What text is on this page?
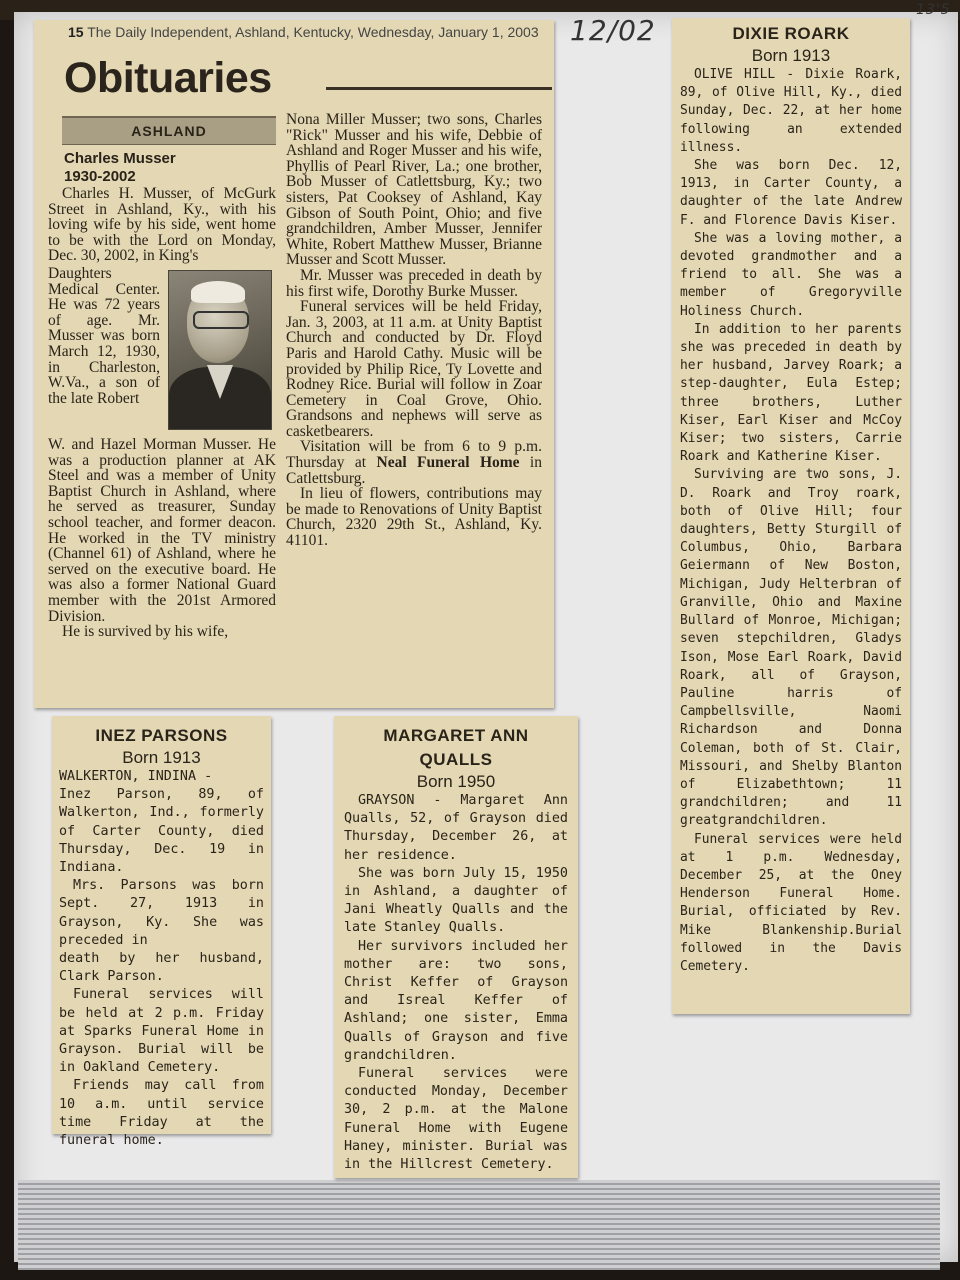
12/02
13'5
15 The Daily Independent, Ashland, Kentucky, Wednesday, January 1, 2003
Obituaries
ASHLAND
Charles Musser
1930-2002

Charles H. Musser, of McGurk Street in Ashland, Ky., with his loving wife by his side, went home to be with the Lord on Monday, Dec. 30, 2002, in King's

Daughters Medical Center. He was 72 years of age. Mr. Musser was born March 12, 1930, in Charleston, W.Va., a son of the late Robert

W. and Hazel Morman Musser. He was a production planner at AK Steel and was a member of Unity Baptist Church in Ashland, where he served as treasurer, Sunday school teacher, and former deacon. He worked in the TV ministry (Channel 61) of Ashland, where he served on the executive board. He was also a former National Guard member with the 201st Armored Division.

He is survived by his wife,

Nona Miller Musser; two sons, Charles "Rick" Musser and his wife, Debbie of Ashland and Roger Musser and his wife, Phyllis of Pearl River, La.; one brother, Bob Musser of Catlettsburg, Ky.; two sisters, Pat Cooksey of Ashland, Kay Gibson of South Point, Ohio; and five grandchildren, Amber Musser, Jennifer White, Robert Matthew Musser, Brianne Musser and Scott Musser.

Mr. Musser was preceded in death by his first wife, Dorothy Burke Musser.

Funeral services will be held Friday, Jan. 3, 2003, at 11 a.m. at Unity Baptist Church and conducted by Dr. Floyd Paris and Harold Cathy. Music will be provided by Philip Rice, Ty Lovette and Rodney Rice. Burial will follow in Zoar Cemetery in Coal Grove, Ohio. Grandsons and nephews will serve as casketbearers.

Visitation will be from 6 to 9 p.m. Thursday at Neal Funeral Home in Catlettsburg.

In lieu of flowers, contributions may be made to Renovations of Unity Baptist Church, 2320 29th St., Ashland, Ky. 41101.

INEZ PARSONS
Born 1913

WALKERTON, INDINA -

Inez Parson, 89, of Walkerton, Ind., formerly of Carter County, died Thursday, Dec. 19 in Indiana.

Mrs. Parsons was born Sept. 27, 1913 in Grayson, Ky. She was preceded in

death by her husband, Clark Parson.

Funeral services will be held at 2 p.m. Friday at Sparks Funeral Home in Grayson. Burial will be in Oakland Cemetery.

Friends may call from 10 a.m. until service time Friday at the funeral home.

MARGARET ANN
QUALLS
Born 1950

GRAYSON - Margaret Ann Qualls, 52, of Grayson died Thursday, December 26, at her residence.

She was born July 15, 1950 in Ashland, a daughter of Jani Wheatly Qualls and the late Stanley Qualls.

Her survivors included her mother are: two sons, Christ Keffer of Grayson and Isreal Keffer of Ashland; one sister, Emma Qualls of Grayson and five grandchildren.

Funeral services were conducted Monday, December 30, 2 p.m. at the Malone Funeral Home with Eugene Haney, minister. Burial was in the Hillcrest Cemetery.

DIXIE ROARK
Born 1913

OLIVE HILL - Dixie Roark, 89, of Olive Hill, Ky., died Sunday, Dec. 22, at her home following an extended illness.

She was born Dec. 12, 1913, in Carter County, a daughter of the late Andrew F. and Florence Davis Kiser.

She was a loving mother, a devoted grandmother and a friend to all. She was a member of Gregoryville Holiness Church.

In addition to her parents she was preceded in death by her husband, Jarvey Roark; a step-daughter, Eula Estep; three brothers, Luther Kiser, Earl Kiser and McCoy Kiser; two sisters, Carrie Roark and Katherine Kiser.

Surviving are two sons, J. D. Roark and Troy roark, both of Olive Hill; four daughters, Betty Sturgill of Columbus, Ohio, Barbara Geiermann of New Boston, Michigan, Judy Helterbran of Granville, Ohio and Maxine Bullard of Monroe, Michigan; seven stepchildren, Gladys Ison, Mose Earl Roark, David Roark, all of Grayson, Pauline harris of Campbellsville, Naomi Richardson and Donna Coleman, both of St. Clair, Missouri, and Shelby Blanton of Elizabethtown; 11 grandchildren; and 11 greatgrandchildren.

Funeral services were held at 1 p.m. Wednesday, December 25, at the Oney Henderson Funeral Home. Burial, officiated by Rev. Mike Blankenship.Burial followed in the Davis Cemetery.
